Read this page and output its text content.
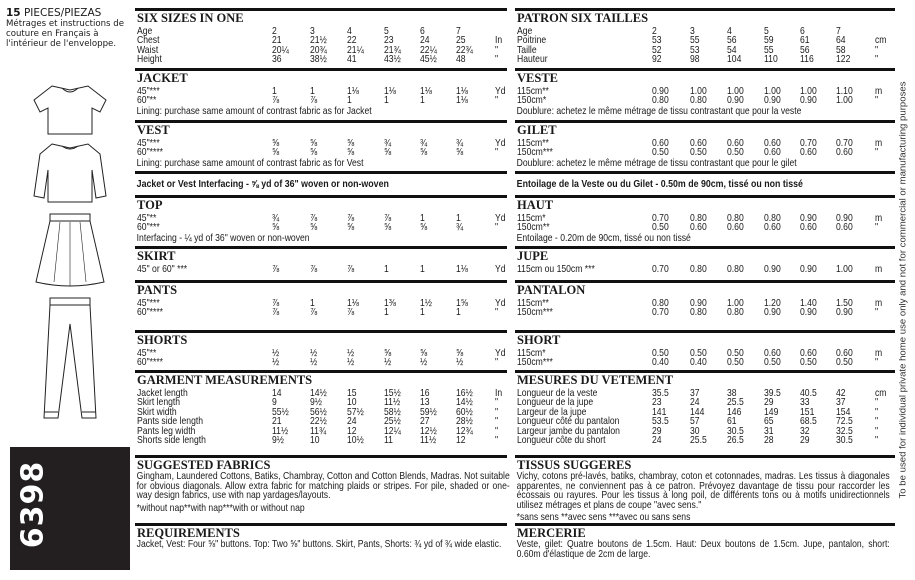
15 PIECES/PIEZAS
Métrages et instructions de couture en Français à l'intérieur de l'enveloppe.
6398
SIX SIZES IN ONE
Age	2	3	4	5	6	7
Chest	21	21½ 22	23	24	25	In
Waist	20¼ 20¾ 21¼ 21¾ 22¼ 22¾ "
Height	36	38½ 41	43½ 45½ 48	"
JACKET
45"***	1	1	1⅛ 1⅛ 1⅛ 1⅛	Yd
60"**	⅞	⅞	1	1	1	1⅛	"
Lining: purchase same amount of contrast fabric as for Jacket
VEST
45"***	⅝	⅝	⅝	¾	¾	¾	Yd
60"****	⅝	⅝	⅝	⅝	⅝	⅝	"
Lining: purchase same amount of contrast fabric as for Vest
Jacket or Vest Interfacing - ⅝ yd of 36" woven or non-woven
TOP
45"**	¾	⅞	⅞	⅞	1	1	Yd
60"***	⅝	⅝	⅝	⅝	⅝	¾	"
Interfacing - ¼ yd of 36" woven or non-woven
SKIRT
45" or 60" ***	⅞	⅞	⅞	1	1	1⅛	Yd
PANTS
45"***	⅞	1	1⅛ 1⅜ 1½ 1⅝	Yd
60"****	⅞	⅞	⅞	1	1	1	"
SHORTS
45"**	½	½	½	⅝	⅝	⅝	Yd
60"****	½	½	½	½	½	½	"
GARMENT MEASUREMENTS
Jacket length	14	14½ 15	15½ 16	16½ In
Skirt length	9	9½ 10	11½ 13	14½ "
Skirt width	55½ 56½ 57½ 58½ 59½ 60½ "
Pants side length	21	22½ 24	25½ 27	28½ "
Pants leg width	11½ 11¾ 12	12¼ 12½ 12¾ "
Shorts side length	9½ 10	10½ 11	11½ 12	"
SUGGESTED FABRICS
Gingham, Laundered Cottons, Batiks, Chambray, Cotton and Cotton Blends, Madras. Not suitable for obvious diagonals. Allow extra fabric for matching plaids or stripes. For pile, shaded or one-way design fabrics, use with nap yardages/layouts.
*without nap**with nap***with or without nap
REQUIREMENTS
Jacket, Vest: Four ⅝" buttons. Top: Two ⅝" buttons. Skirt, Pants, Shorts: ¾ yd of ¾ wide elastic.
PATRON SIX TAILLES
Age	2	3	4	5	6	7
Poitrine	53	55	56	59	61	64	cm
Taille	52	53	54	55	56	58	"
Hauteur	92	98	104 110 116 122 "
VESTE
115cm**	0.90 1.00 1.00 1.00 1.00 1.10 m
150cm*	0.80 0.80 0.90 0.90 0.90 1.00 "
Doublure: achetez le même métrage de tissu contrastant que pour la veste
GILET
115cm**	0.60 0.60 0.60 0.60 0.70 0.70 m
150cm***	0.50 0.50 0.50 0.60 0.60 0.60 "
Doublure: achetez le même métrage de tissu contrastant que pour le gilet
Entoilage de la Veste ou du Gilet - 0.50m de 90cm, tissé ou non tissé
HAUT
115cm*	0.70 0.80 0.80 0.80 0.90 0.90 m
150cm**	0.50 0.60 0.60 0.60 0.60 0.60 "
Entoilage - 0.20m de 90cm, tissé ou non tissé
JUPE
115cm ou 150cm ***	0.70 0.80 0.80 0.90 0.90 1.00 m
PANTALON
115cm**	0.80 0.90 1.00 1.20 1.40 1.50 m
150cm***	0.70 0.80 0.80 0.90 0.90 0.90 "
SHORT
115cm*	0.50 0.50 0.50 0.60 0.60 0.60 m
150cm***	0.40 0.40 0.50 0.50 0.50 0.50 "
MESURES DU VETEMENT
Longueur de la veste	35.5 37	38	39.5 40.5 42	cm
Longueur de la jupe	23	24	25.5 29	33	37	"
Largeur de la jupe	141 144 146 149 151 154 "
Longueur côté du pantalon	53.5 57	61	65	68.5 72.5 "
Largeur jambe du pantalon	29	30	30.5 31	32	32.5 "
Longueur côte du short	24	25.5 26.5 28	29	30.5 "
TISSUS SUGGERES
Vichy, cotons pré-lavés, batiks, chambray, coton et cotonnades, madras. Les tissus à diagonales apparentes, ne conviennent pas à ce patron. Prévoyez davantage de tissu pour raccorder les écossais ou rayures. Pour les tissus à long poil, de différents tons ou à motifs unidirectionnels utilisez métrages et plans de coupe "avec sens."
*sans sens **avec sens ***avec ou sans sens
MERCERIE
Veste, gilet: Quatre boutons de 1.5cm. Haut: Deux boutons de 1.5cm. Jupe, pantalon, short: 0.60m d'élastique de 2cm de large.
To be used for individual private home use only and not for commercial or manufacturing purposes
